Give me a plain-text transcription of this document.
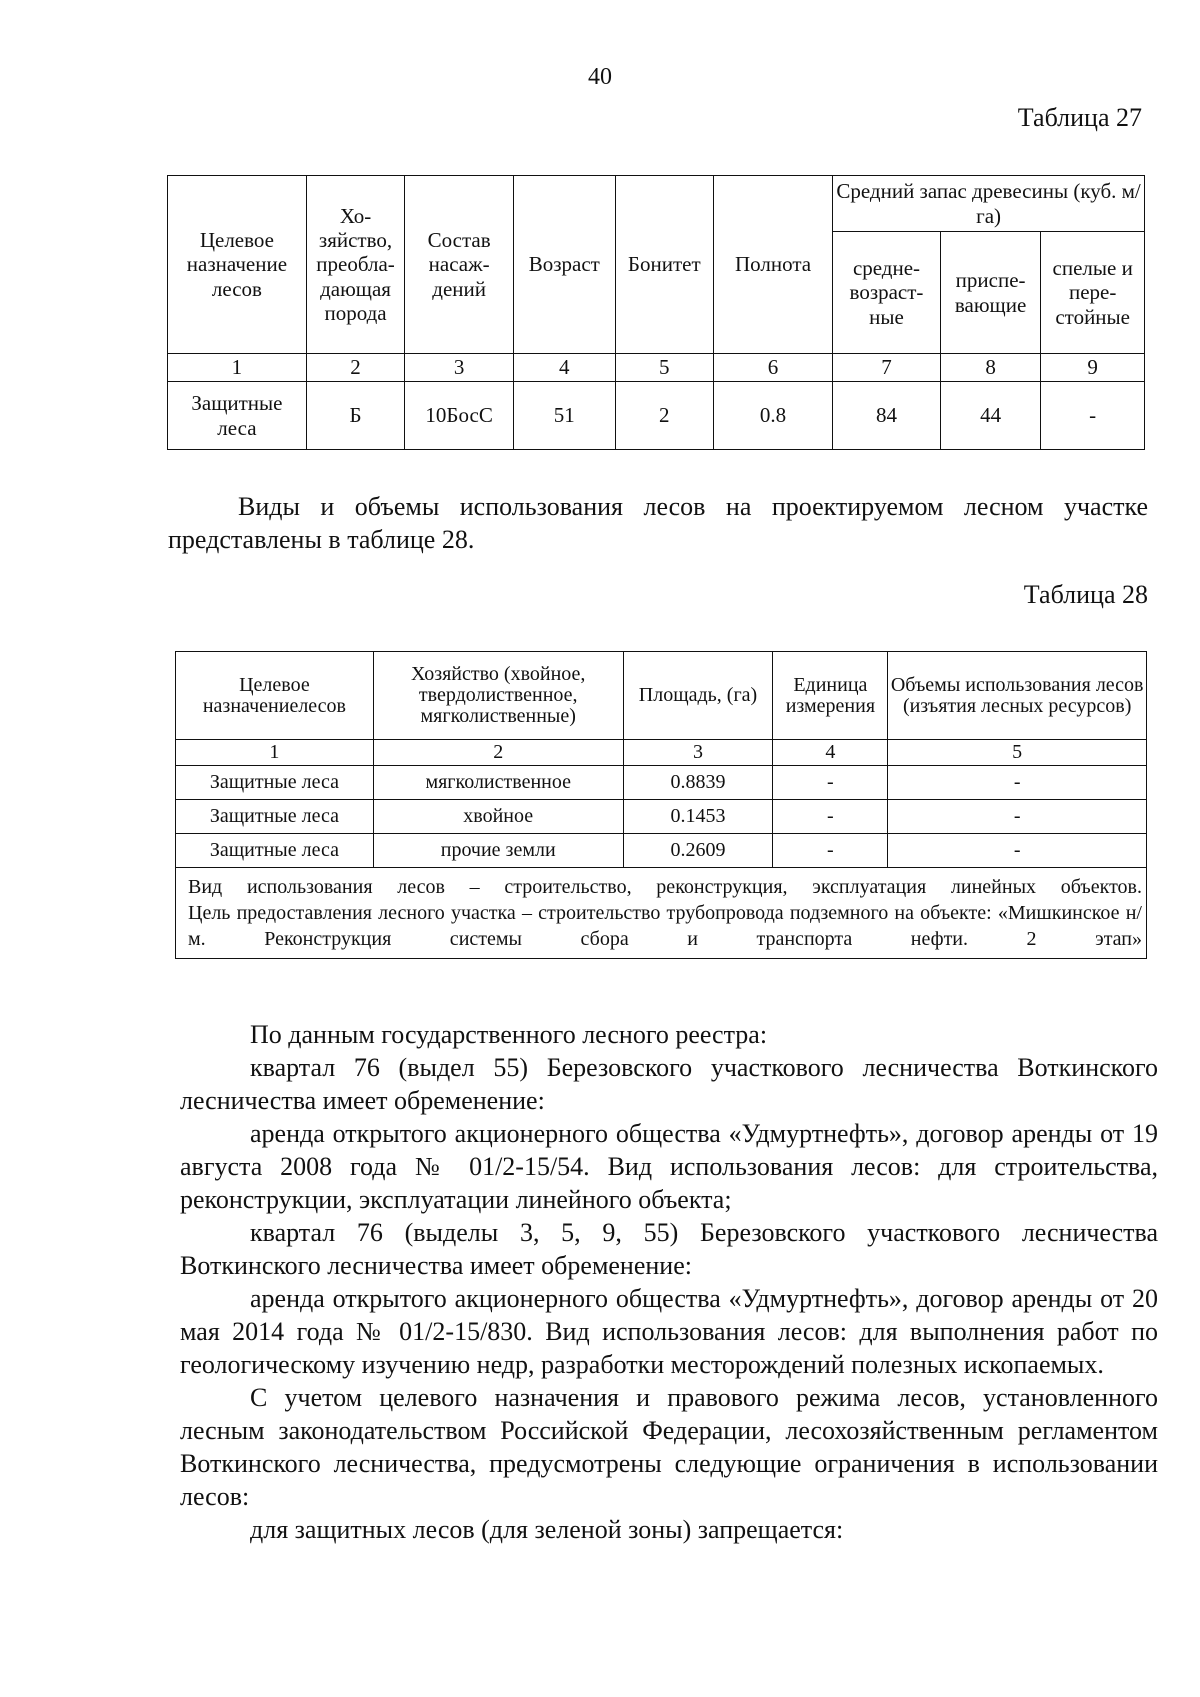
40
Таблица 27
Целевое назначение лесов	Хо-зяйство, преобла-дающая порода	Состав насаж-дений	Возраст	Бонитет	Полнота	Средний запас древесины (куб. м/га)		
						средне-возраст-ные	приспе-вающие	спелые и пере-стойные
1	2	3	4	5	6	7	8	9
Защитные леса	Б	10БосС	51	2	0.8	84	44	-

Виды и объемы использования лесов на проектируемом лесном участке представлены в таблице 28.

Таблица 28
Целевое назначениелесов	Хозяйство (хвойное, твердолиственное, мягколиственные)	Площадь, (га)	Единица измерения	Объемы использования лесов (изъятия лесных ресурсов)
1	2	3	4	5
Защитные леса	мягколиственное	0.8839	-	-
Защитные леса	хвойное	0.1453	-	-
Защитные леса	прочие земли	0.2609	-	-

Вид использования лесов – строительство, реконструкция, эксплуатация линейных объектов.
Цель предоставления лесного участка – строительство трубопровода подземного на объекте: «Мишкинское н/м. Реконструкция системы сбора и транспорта нефти. 2 этап»				

По данным государственного лесного реестра:

квартал 76 (выдел 55) Березовского участкового лесничества Воткинского лесничества имеет обременение:

аренда открытого акционерного общества «Удмуртнефть», договор аренды от 19 августа 2008 года № 01/2-15/54. Вид использования лесов: для строительства, реконструкции, эксплуатации линейного объекта;

квартал 76 (выделы 3, 5, 9, 55) Березовского участкового лесничества Воткинского лесничества имеет обременение:

аренда открытого акционерного общества «Удмуртнефть», договор аренды от 20 мая 2014 года № 01/2-15/830. Вид использования лесов: для выполнения работ по геологическому изучению недр, разработки месторождений полезных ископаемых.

С учетом целевого назначения и правового режима лесов, установленного лесным законодательством Российской Федерации, лесохозяйственным регламентом Воткинского лесничества, предусмотрены следующие ограничения в использовании лесов:

для защитных лесов (для зеленой зоны) запрещается:
